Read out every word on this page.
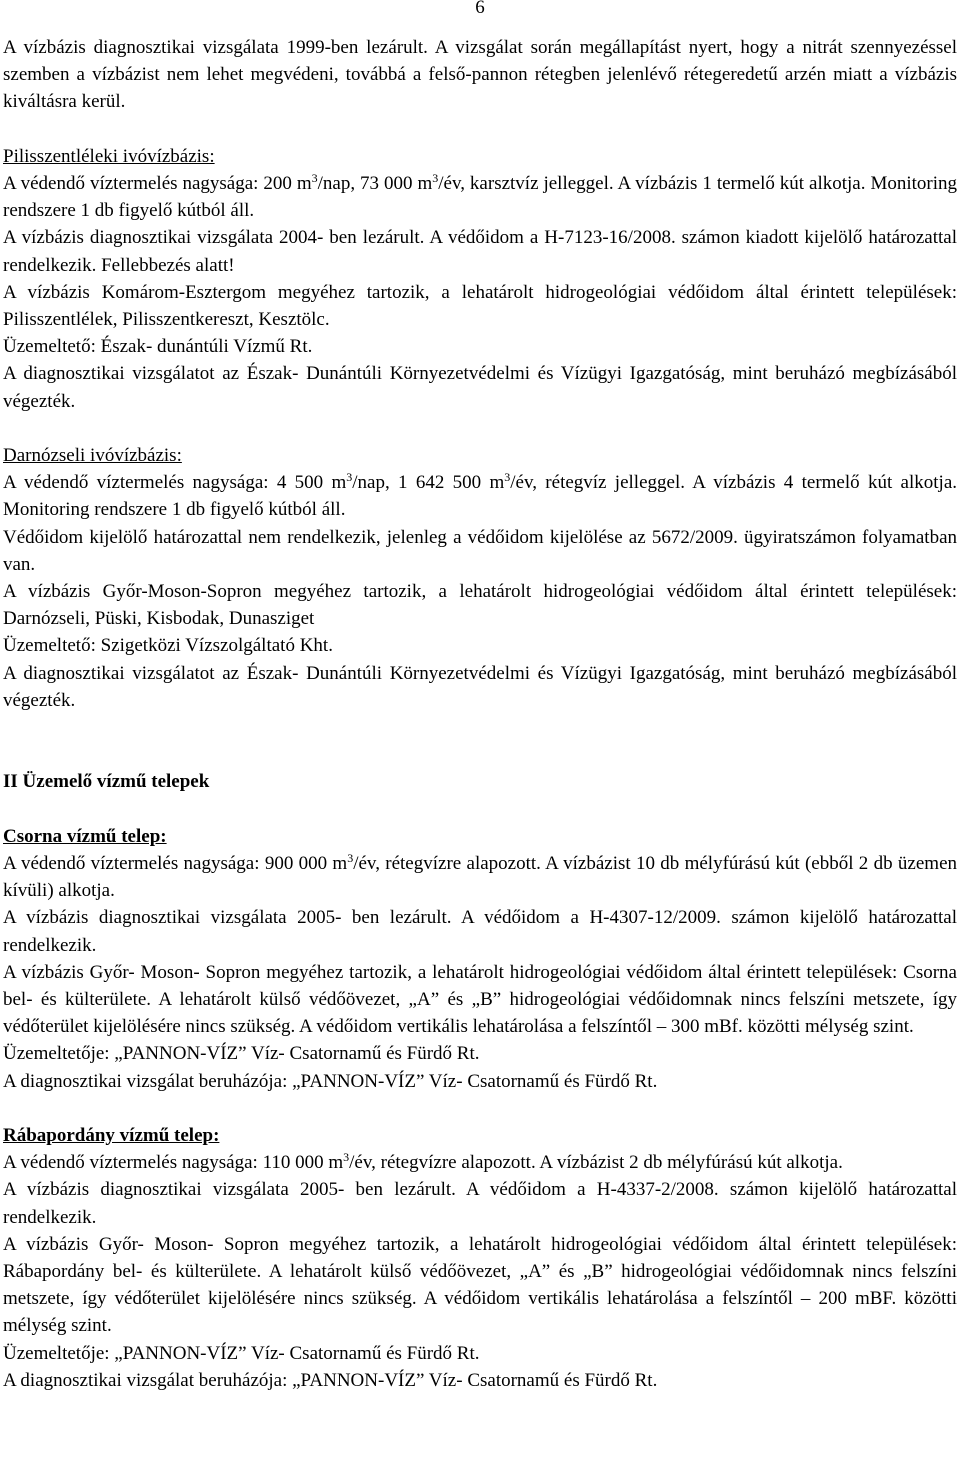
6

A vízbázis diagnosztikai vizsgálata 1999-ben lezárult. A vizsgálat során megállapítást nyert, hogy a nitrát szennyezéssel szemben a vízbázist nem lehet megvédeni, továbbá a felső-pannon rétegben jelenlévő rétegeredetű arzén miatt a vízbázis kiváltásra kerül.

Pilisszentléleki ivóvízbázis:

A védendő víztermelés nagysága: 200 $m^3$/nap, 73 000 $m^3/év$, karsztvíz jelleggel. A vízbázis 1 termelő kút alkotja. Monitoring rendszere 1 db figyelő kútból áll.

A vízbázis diagnosztikai vizsgálata 2004- ben lezárult. A védőidom a H-7123-16/2008. számon kiadott kijelölő határozattal rendelkezik. Fellebbezés alatt!

A vízbázis Komárom-Esztergom megyéhez tartozik, a lehatárolt hidrogeológiai védőidom által érintett települések: Pilisszentlélek, Pilisszentkereszt, Kesztölc.

Üzemeltető: Észak- dunántúli Vízmű Rt.

A diagnosztikai vizsgálatot az Észak- Dunántúli Környezetvédelmi és Vízügyi Igazgatóság, mint beruházó megbízásából végezték.

Darnózseli ivóvízbázis:

A védendő víztermelés nagysága: 4 500 $m^3$/nap, 1 642 500 $m^3/év$, rétegvíz jelleggel. A vízbázis 4 termelő kút alkotja. Monitoring rendszere 1 db figyelő kútból áll.

Védőidom kijelölő határozattal nem rendelkezik, jelenleg a védőidom kijelölése az 5672/2009. ügyiratszámon folyamatban van.

A vízbázis Győr-Moson-Sopron megyéhez tartozik, a lehatárolt hidrogeológiai védőidom által érintett települések: Darnózseli, Püski, Kisbodak, Dunasziget

Üzemeltető: Szigetközi Vízszolgáltató Kht.

A diagnosztikai vizsgálatot az Észak- Dunántúli Környezetvédelmi és Vízügyi Igazgatóság, mint beruházó megbízásából végezték.

II Üzemelő vízmű telepek

Csorna vízmű telep:

A védendő víztermelés nagysága: 900 000 $m^3/év$, rétegvízre alapozott. A vízbázist 10 db mélyfúrású kút (ebből 2 db üzemen kívüli) alkotja.

A vízbázis diagnosztikai vizsgálata 2005- ben lezárult. A védőidom a H-4307-12/2009. számon kijelölő határozattal rendelkezik.

A vízbázis Győr- Moson- Sopron megyéhez tartozik, a lehatárolt hidrogeológiai védőidom által érintett települések: Csorna bel- és külterülete. A lehatárolt külső védőövezet, „A” és „B” hidrogeológiai védőidomnak nincs felszíni metszete, így védőterület kijelölésére nincs szükség. A védőidom vertikális lehatárolása a felszíntől – 300 mBf. közötti mélység szint.

Üzemeltetője: „PANNON-VÍZ” Víz- Csatornamű és Fürdő Rt.

A diagnosztikai vizsgálat beruházója: „PANNON-VÍZ” Víz- Csatornamű és Fürdő Rt.

Rábapordány vízmű telep:

A védendő víztermelés nagysága: 110 000 $m^3/év$, rétegvízre alapozott. A vízbázist 2 db mélyfúrású kút alkotja.

A vízbázis diagnosztikai vizsgálata 2005- ben lezárult. A védőidom a H-4337-2/2008. számon kijelölő határozattal rendelkezik.

A vízbázis Győr- Moson- Sopron megyéhez tartozik, a lehatárolt hidrogeológiai védőidom által érintett települések: Rábapordány bel- és külterülete. A lehatárolt külső védőövezet, „A” és „B” hidrogeológiai védőidomnak nincs felszíni metszete, így védőterület kijelölésére nincs szükség. A védőidom vertikális lehatárolása a felszíntől – 200 mBF. közötti mélység szint.

Üzemeltetője: „PANNON-VÍZ” Víz- Csatornamű és Fürdő Rt.

A diagnosztikai vizsgálat beruházója: „PANNON-VÍZ” Víz- Csatornamű és Fürdő Rt.
